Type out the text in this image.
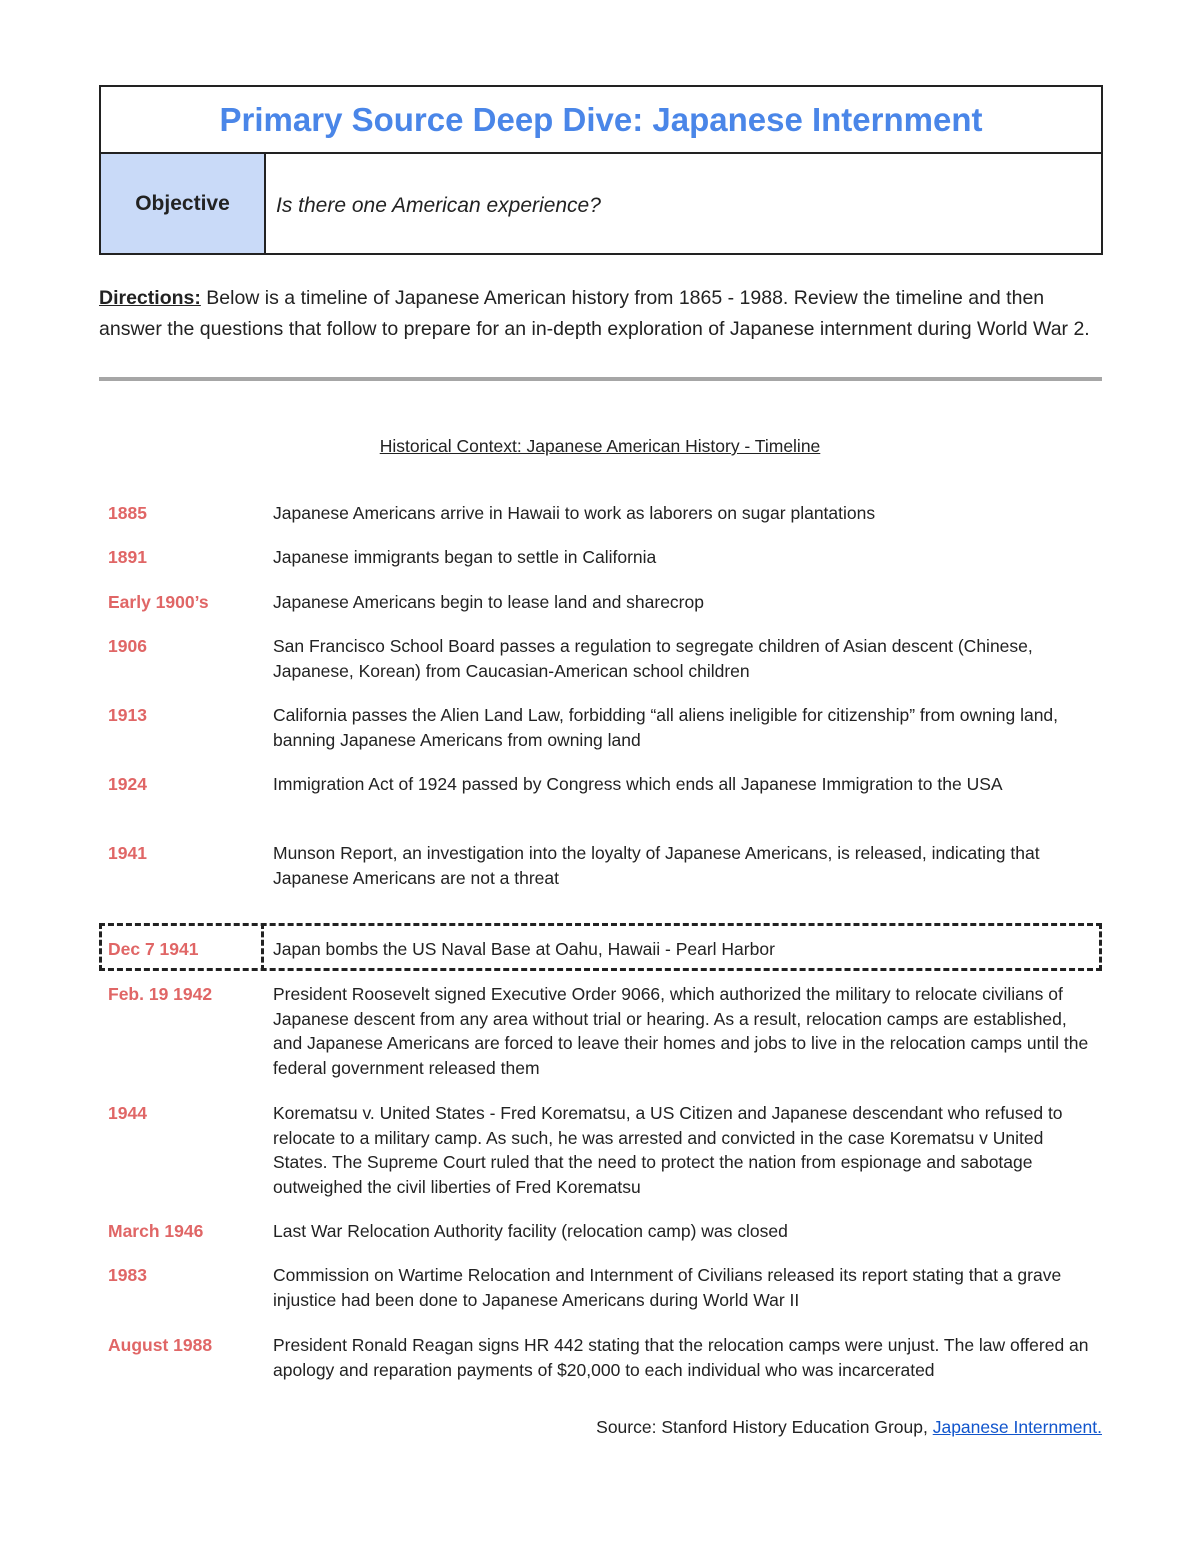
Primary Source Deep Dive: Japanese Internment
Objective	Is there one American experience?
Directions: Below is a timeline of Japanese American history from 1865 - 1988. Review the timeline and then answer the questions that follow to prepare for an in-depth exploration of Japanese internment during World War 2.
Historical Context: Japanese American History - Timeline
1885	Japanese Americans arrive in Hawaii to work as laborers on sugar plantations
1891	Japanese immigrants began to settle in California
Early 1900’s	Japanese Americans begin to lease land and sharecrop
1906	San Francisco School Board passes a regulation to segregate children of Asian descent (Chinese, Japanese, Korean) from Caucasian-American school children
1913	California passes the Alien Land Law, forbidding “all aliens ineligible for citizenship” from owning land, banning Japanese Americans from owning land
1924	Immigration Act of 1924 passed by Congress which ends all Japanese Immigration to the USA
1941	Munson Report, an investigation into the loyalty of Japanese Americans, is released, indicating that Japanese Americans are not a threat
Dec 7 1941	Japan bombs the US Naval Base at Oahu, Hawaii - Pearl Harbor
Feb. 19 1942	President Roosevelt signed Executive Order 9066, which authorized the military to relocate civilians of Japanese descent from any area without trial or hearing. As a result, relocation camps are established, and Japanese Americans are forced to leave their homes and jobs to live in the relocation camps until the federal government released them
1944	Korematsu v. United States - Fred Korematsu, a US Citizen and Japanese descendant who refused to relocate to a military camp. As such, he was arrested and convicted in the case Korematsu v United States. The Supreme Court ruled that the need to protect the nation from espionage and sabotage outweighed the civil liberties of Fred Korematsu
March 1946	Last War Relocation Authority facility (relocation camp) was closed
1983	Commission on Wartime Relocation and Internment of Civilians released its report stating that a grave injustice had been done to Japanese Americans during World War II
August 1988	President Ronald Reagan signs HR 442 stating that the relocation camps were unjust. The law offered an apology and reparation payments of $20,000 to each individual who was incarcerated
Source: Stanford History Education Group, Japanese Internment.
